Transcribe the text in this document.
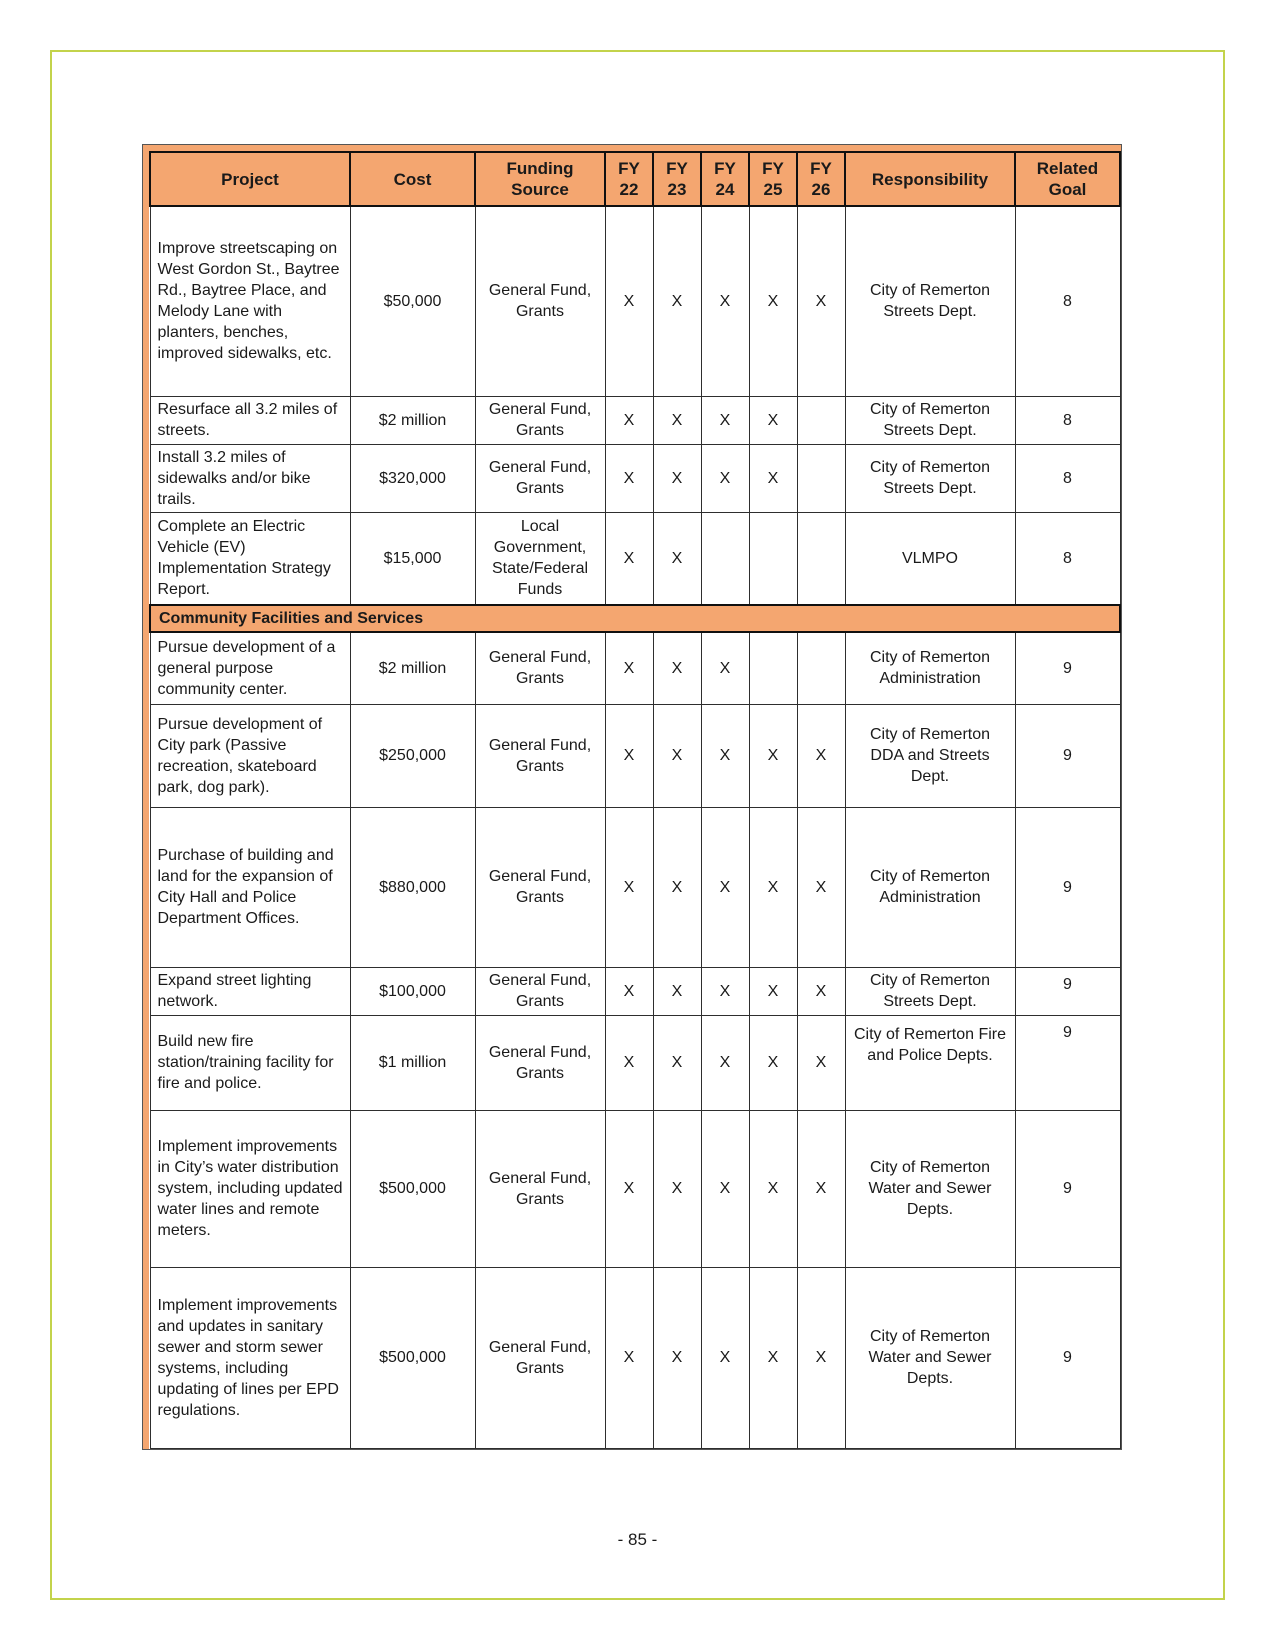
Project	Cost	Funding Source	FY 22	FY 23	FY 24	FY 25	FY 26	Responsibility	Related Goal
Improve streetscaping on West Gordon St., Baytree Rd., Baytree Place, and Melody Lane with planters, benches, improved sidewalks, etc.	$50,000	General Fund, Grants	X	X	X	X	X	City of Remerton Streets Dept.	8
Resurface all 3.2 miles of streets.	$2 million	General Fund, Grants	X	X	X	X		City of Remerton Streets Dept.	8
Install 3.2 miles of sidewalks and/or bike trails.	$320,000	General Fund, Grants	X	X	X	X		City of Remerton Streets Dept.	8
Complete an Electric Vehicle (EV) Implementation Strategy Report.	$15,000	Local Government, State/Federal Funds	X	X				VLMPO	8
Community Facilities and Services									
Pursue development of a general purpose community center.	$2 million	General Fund, Grants	X	X	X			City of Remerton Administration	9
Pursue development of City park (Passive recreation, skateboard park, dog park).	$250,000	General Fund, Grants	X	X	X	X	X	City of Remerton DDA and Streets Dept.	9
Purchase of building and land for the expansion of City Hall and Police Department Offices.	$880,000	General Fund, Grants	X	X	X	X	X	City of Remerton Administration	9
Expand street lighting network.	$100,000	General Fund, Grants	X	X	X	X	X	City of Remerton Streets Dept.	9
Build new fire station/training facility for fire and police.	$1 million	General Fund, Grants	X	X	X	X	X	City of Remerton Fire and Police Depts.	9
Implement improvements in City’s water distribution system, including updated water lines and remote meters.	$500,000	General Fund, Grants	X	X	X	X	X	City of Remerton Water and Sewer Depts.	9
Implement improvements and updates in sanitary sewer and storm sewer systems, including updating of lines per EPD regulations.	$500,000	General Fund, Grants	X	X	X	X	X	City of Remerton Water and Sewer Depts.	9
- 85 -
